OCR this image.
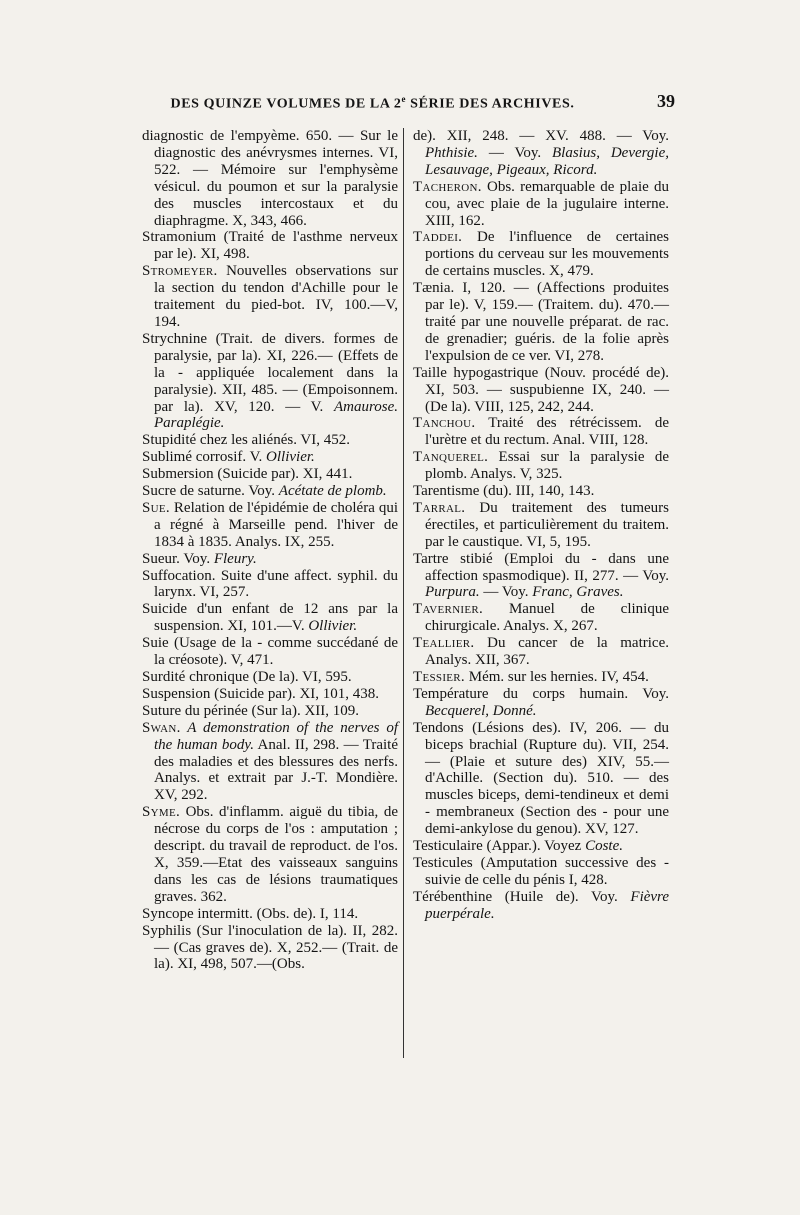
DES QUINZE VOLUMES DE LA 2e SÉRIE DES ARCHIVES.	39

diagnostic de l'empyème. 650. — Sur le diagnostic des anévrysmes internes. VI, 522. — Mémoire sur l'emphysème vésicul. du poumon et sur la paralysie des muscles intercostaux et du diaphragme. X, 343, 466.

Stramonium (Traité de l'asthme nerveux par le). XI, 498.

Stromeyer. Nouvelles observations sur la section du tendon d'Achille pour le traitement du pied-bot. IV, 100.—V, 194.

Strychnine (Trait. de divers. formes de paralysie, par la). XI, 226.— (Effets de la - appliquée localement dans la paralysie). XII, 485. — (Empoisonnem. par la). XV, 120. — V. Amaurose. Paraplégie.

Stupidité chez les aliénés. VI, 452.

Sublimé corrosif. V. Ollivier.

Submersion (Suicide par). XI, 441.

Sucre de saturne. Voy. Acétate de plomb.

Sue. Relation de l'épidémie de choléra qui a régné à Marseille pend. l'hiver de 1834 à 1835. Analys. IX, 255.

Sueur. Voy. Fleury.

Suffocation. Suite d'une affect. syphil. du larynx. VI, 257.

Suicide d'un enfant de 12 ans par la suspension. XI, 101.—V. Ollivier.

Suie (Usage de la - comme succédané de la créosote). V, 471.

Surdité chronique (De la). VI, 595.

Suspension (Suicide par). XI, 101, 438.

Suture du périnée (Sur la). XII, 109.

Swan. A demonstration of the nerves of the human body. Anal. II, 298. — Traité des maladies et des blessures des nerfs. Analys. et extrait par J.-T. Mondière. XV, 292.

Syme. Obs. d'inflamm. aiguë du tibia, de nécrose du corps de l'os : amputation ; descript. du travail de reproduct. de l'os. X, 359.—Etat des vaisseaux sanguins dans les cas de lésions traumatiques graves. 362.

Syncope intermitt. (Obs. de). I, 114.

Syphilis (Sur l'inoculation de la). II, 282. — (Cas graves de). X, 252.— (Trait. de la). XI, 498, 507.—(Obs.

de). XII, 248. — XV. 488. — Voy. Phthisie. — Voy. Blasius, Devergie, Lesauvage, Pigeaux, Ricord.

Tacheron. Obs. remarquable de plaie du cou, avec plaie de la jugulaire interne. XIII, 162.

Taddei. De l'influence de certaines portions du cerveau sur les mouvements de certains muscles. X, 479.

Tænia. I, 120. — (Affections produites par le). V, 159.— (Traitem. du). 470.— traité par une nouvelle préparat. de rac. de grenadier; guéris. de la folie après l'expulsion de ce ver. VI, 278.

Taille hypogastrique (Nouv. procédé de). XI, 503. — suspubienne IX, 240. — (De la). VIII, 125, 242, 244.

Tanchou. Traité des rétrécissem. de l'urètre et du rectum. Anal. VIII, 128.

Tanquerel. Essai sur la paralysie de plomb. Analys. V, 325.

Tarentisme (du). III, 140, 143.

Tarral. Du traitement des tumeurs érectiles, et particulièrement du traitem. par le caustique. VI, 5, 195.

Tartre stibié (Emploi du - dans une affection spasmodique). II, 277. — Voy. Purpura. — Voy. Franc, Graves.

Tavernier. Manuel de clinique chirurgicale. Analys. X, 267.

Teallier. Du cancer de la matrice. Analys. XII, 367.

Tessier. Mém. sur les hernies. IV, 454.

Température du corps humain. Voy. Becquerel, Donné.

Tendons (Lésions des). IV, 206. — du biceps brachial (Rupture du). VII, 254. — (Plaie et suture des) XIV, 55.— d'Achille. (Section du). 510. — des muscles biceps, demi-tendineux et demi - membraneux (Section des - pour une demi-ankylose du genou). XV, 127.

Testiculaire (Appar.). Voyez Coste.

Testicules (Amputation successive des - suivie de celle du pénis I, 428.

Térébenthine (Huile de). Voy. Fièvre puerpérale.
